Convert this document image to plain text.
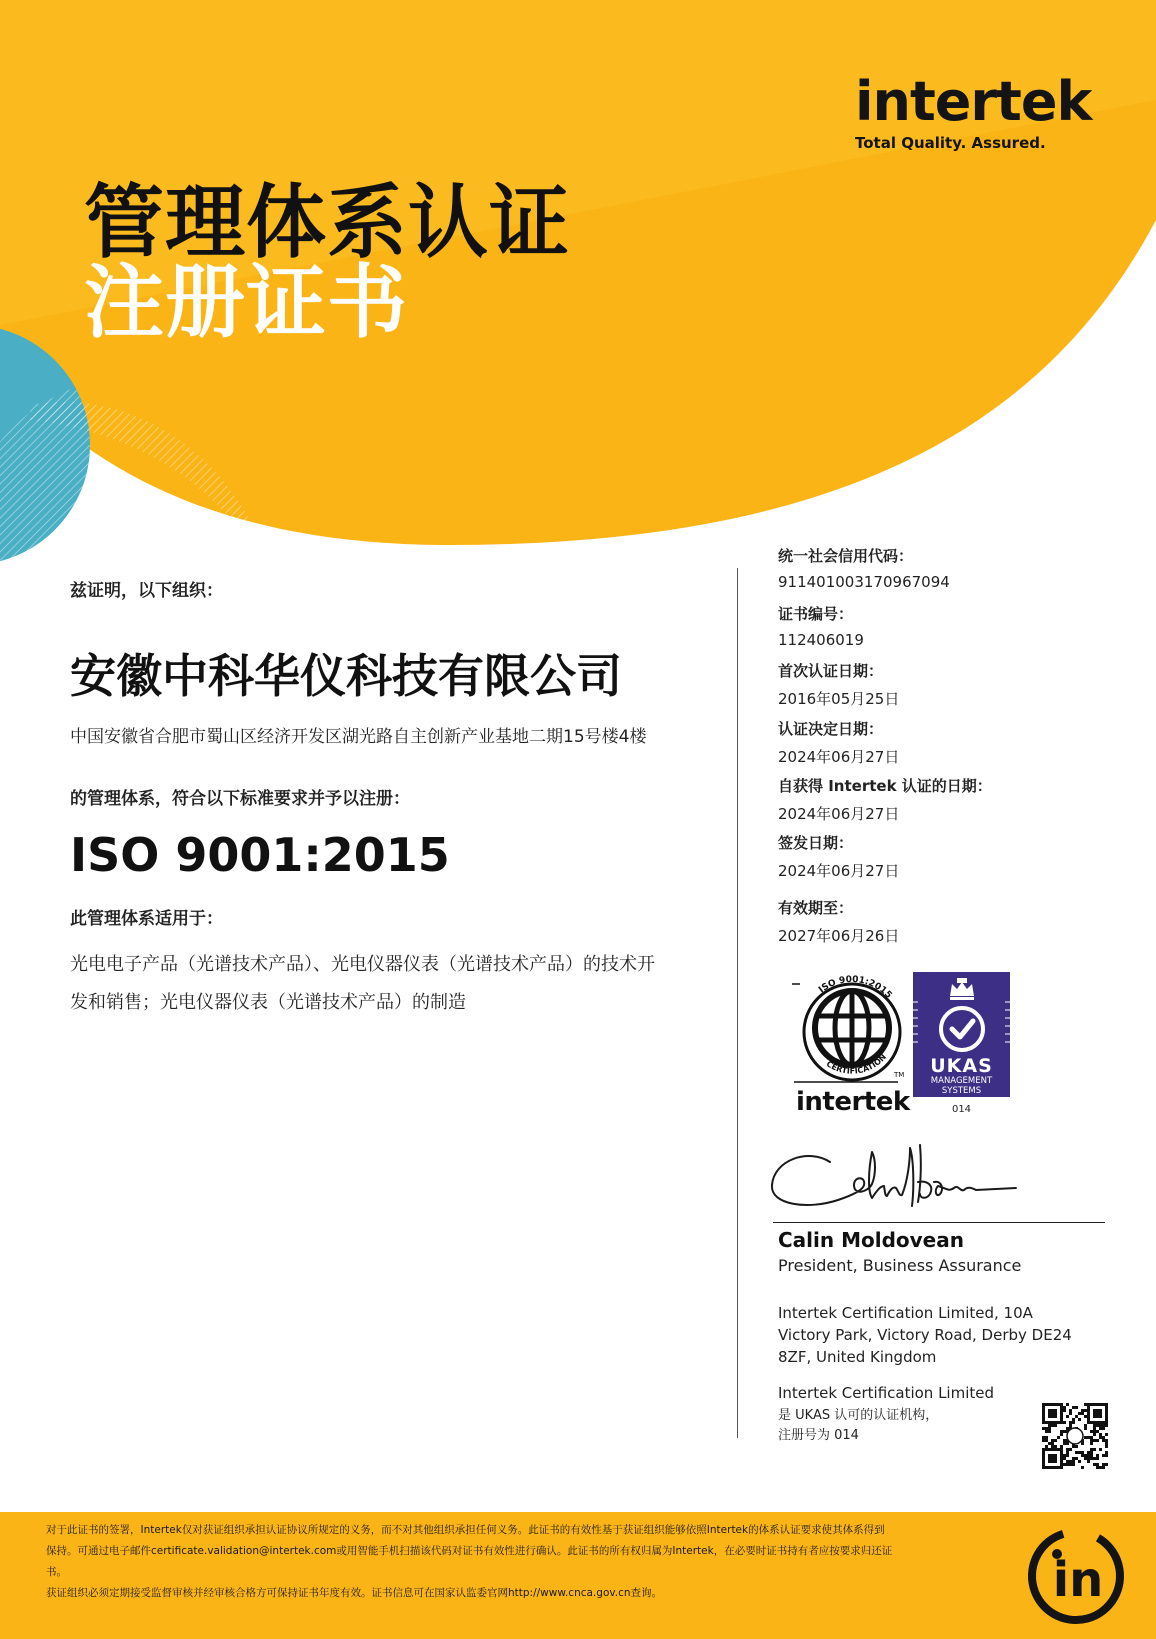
intertek
Total Quality. Assured.
管理体系认证
注册证书
兹证明，以下组织：
安徽中科华仪科技有限公司
中国安徽省合肥市蜀山区经济开发区湖光路自主创新产业基地二期15号楼4楼
的管理体系，符合以下标准要求并予以注册：
ISO 9001:2015
此管理体系适用于：
光电电子产品（光谱技术产品）、光电仪器仪表（光谱技术产品）的技术开
发和销售；光电仪器仪表（光谱技术产品）的制造
统一社会信用代码：
911401003170967094
证书编号：
112406019
首次认证日期：
2016年05月25日
认证决定日期：
2024年06月27日
自获得 Intertek 认证的日期：
2024年06月27日
签发日期：
2024年06月27日
有效期至：
2027年06月26日
ISO 9001:2015
CERTIFICATION
TM
intertek
UKAS
MANAGEMENT
SYSTEMS
014
Calin Moldovean
President, Business Assurance
Intertek Certification Limited, 10A Victory Park, Victory Road, Derby DE24 8ZF, United Kingdom
Intertek Certification Limited
是 UKAS 认可的认证机构，
注册号为 014
对于此证书的签署，Intertek仅对获证组织承担认证协议所规定的义务，而不对其他组织承担任何义务。此证书的有效性基于获证组织能够依照Intertek的体系认证要求使其体系得到
保持。可通过电子邮件certificate.validation@intertek.com或用智能手机扫描该代码对证书有效性进行确认。此证书的所有权归属为Intertek，在必要时证书持有者应按要求归还证
书。
获证组织必须定期接受监督审核并经审核合格方可保持证书年度有效。证书信息可在国家认监委官网http://www.cnca.gov.cn查询。	in
